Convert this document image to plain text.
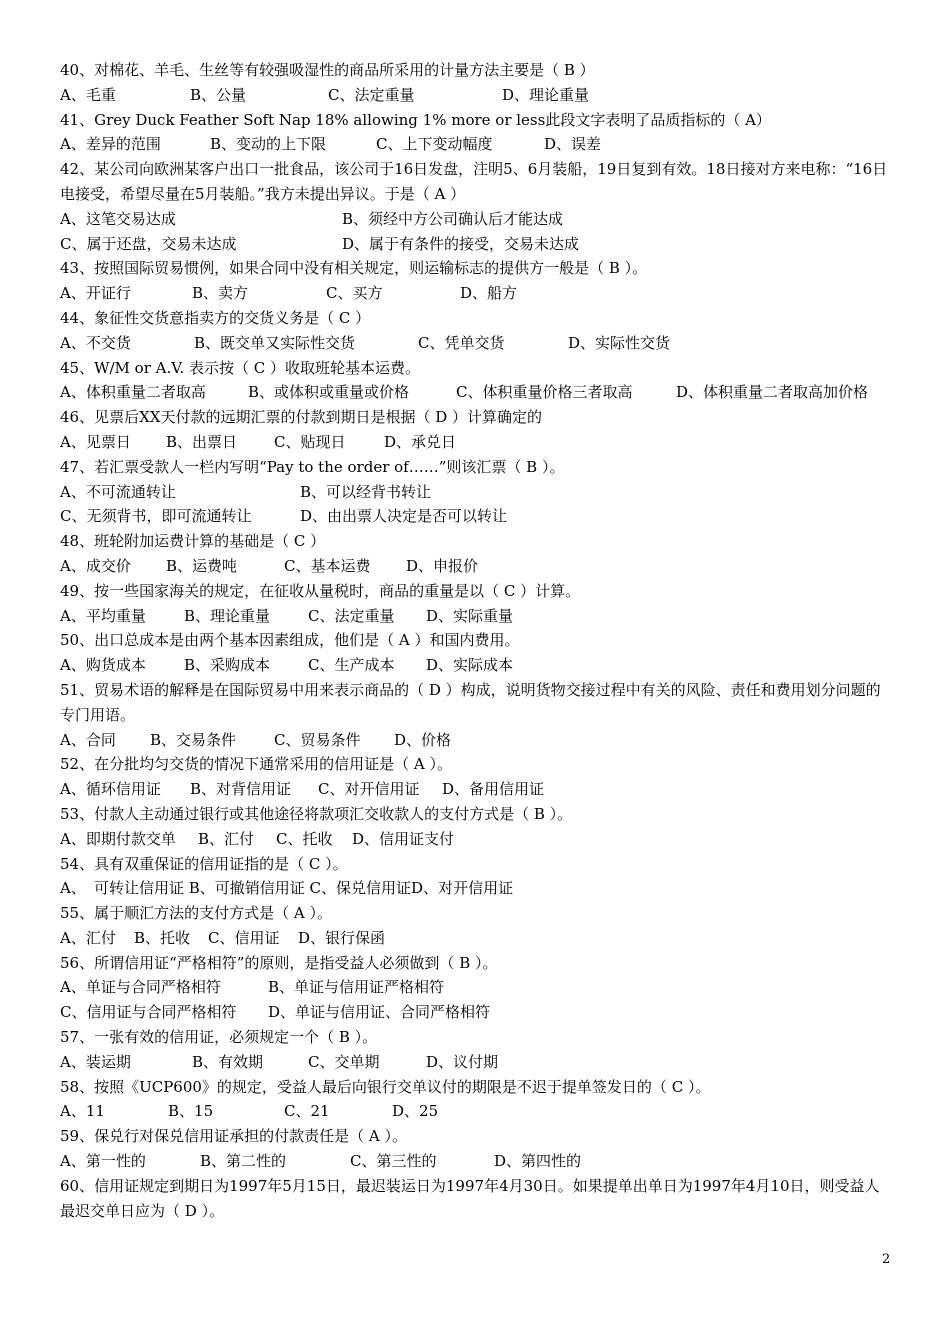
40、对棉花、羊毛、生丝等有较强吸湿性的商品所采用的计量方法主要是（ B ）
A、毛重	B、公量	C、法定重量	D、理论重量
41、Grey Duck Feather Soft Nap 18% allowing 1% more or less此段文字表明了品质指标的（ A）
A、差异的范围	B、变动的上下限	C、上下变动幅度	D、误差
42、某公司向欧洲某客户出口一批食品，该公司于16日发盘，注明5、6月装船，19日复到有效。18日接对方来电称：“16日电接受，希望尽量在5月装船。”我方未提出异议。于是（ A ）
A、这笔交易达成	B、须经中方公司确认后才能达成
C、属于还盘，交易未达成	D、属于有条件的接受，交易未达成
43、按照国际贸易惯例，如果合同中没有相关规定，则运输标志的提供方一般是（ B ）。
A、开证行	B、卖方	C、买方	D、船方
44、象征性交货意指卖方的交货义务是（ C ）
A、不交货	B、既交单又实际性交货	C、凭单交货	D、实际性交货
45、W/M or A.V. 表示按（ C ）收取班轮基本运费。
A、体积重量二者取高	B、或体积或重量或价格	C、体积重量价格三者取高	D、体积重量二者取高加价格
46、见票后XX天付款的远期汇票的付款到期日是根据（ D ）计算确定的
A、见票日 B、出票日 C、贴现日	D、承兑日
47、若汇票受款人一栏内写明“Pay to the order of……”则该汇票（ B ）。
A、不可流通转让	B、可以经背书转让
C、无须背书，即可流通转让	D、由出票人决定是否可以转让
48、班轮附加运费计算的基础是（ C ）
A、成交价 B、运费吨	C、基本运费 D、申报价
49、按一些国家海关的规定，在征收从量税时，商品的重量是以（ C ）计算。
A、平均重量	B、理论重量	C、法定重量 D、实际重量
50、出口总成本是由两个基本因素组成，他们是（ A ）和国内费用。
A、购货成本	B、采购成本	C、生产成本 D、实际成本
51、贸易术语的解释是在国际贸易中用来表示商品的（ D ）构成，说明货物交接过程中有关的风险、责任和费用划分问题的专门用语。
A、合同 B、交易条件	C、贸易条件 D、价格
52、在分批均匀交货的情况下通常采用的信用证是（ A ）。
A、循环信用证 B、对背信用证 C、对开信用证 D、备用信用证
53、付款人主动通过银行或其他途径将款项汇交收款人的支付方式是（ B ）。
A、即期付款交单 B、汇付 C、托收 D、信用证支付
54、具有双重保证的信用证指的是（ C ）。
A、 可转让信用证 B、可撤销信用证 C、保兑信用证D、对开信用证
55、属于顺汇方法的支付方式是（ A ）。
A、汇付 B、托收 C、信用证 D、银行保函
56、所谓信用证“严格相符”的原则，是指受益人必须做到（ B ）。
A、单证与合同严格相符	B、单证与信用证严格相符
C、信用证与合同严格相符 D、单证与信用证、合同严格相符
57、一张有效的信用证，必须规定一个（ B ）。
A、装运期	B、有效期	C、交单期	D、议付期
58、按照《UCP600》的规定，受益人最后向银行交单议付的期限是不迟于提单签发日的（ C ）。
A、11	B、15	C、21	D、25
59、保兑行对保兑信用证承担的付款责任是（ A ）。
A、第一性的	B、第二性的	C、第三性的	D、第四性的
60、信用证规定到期日为1997年5月15日，最迟装运日为1997年4月30日。如果提单出单日为1997年4月10日，则受益人最迟交单日应为（ D ）。
2
